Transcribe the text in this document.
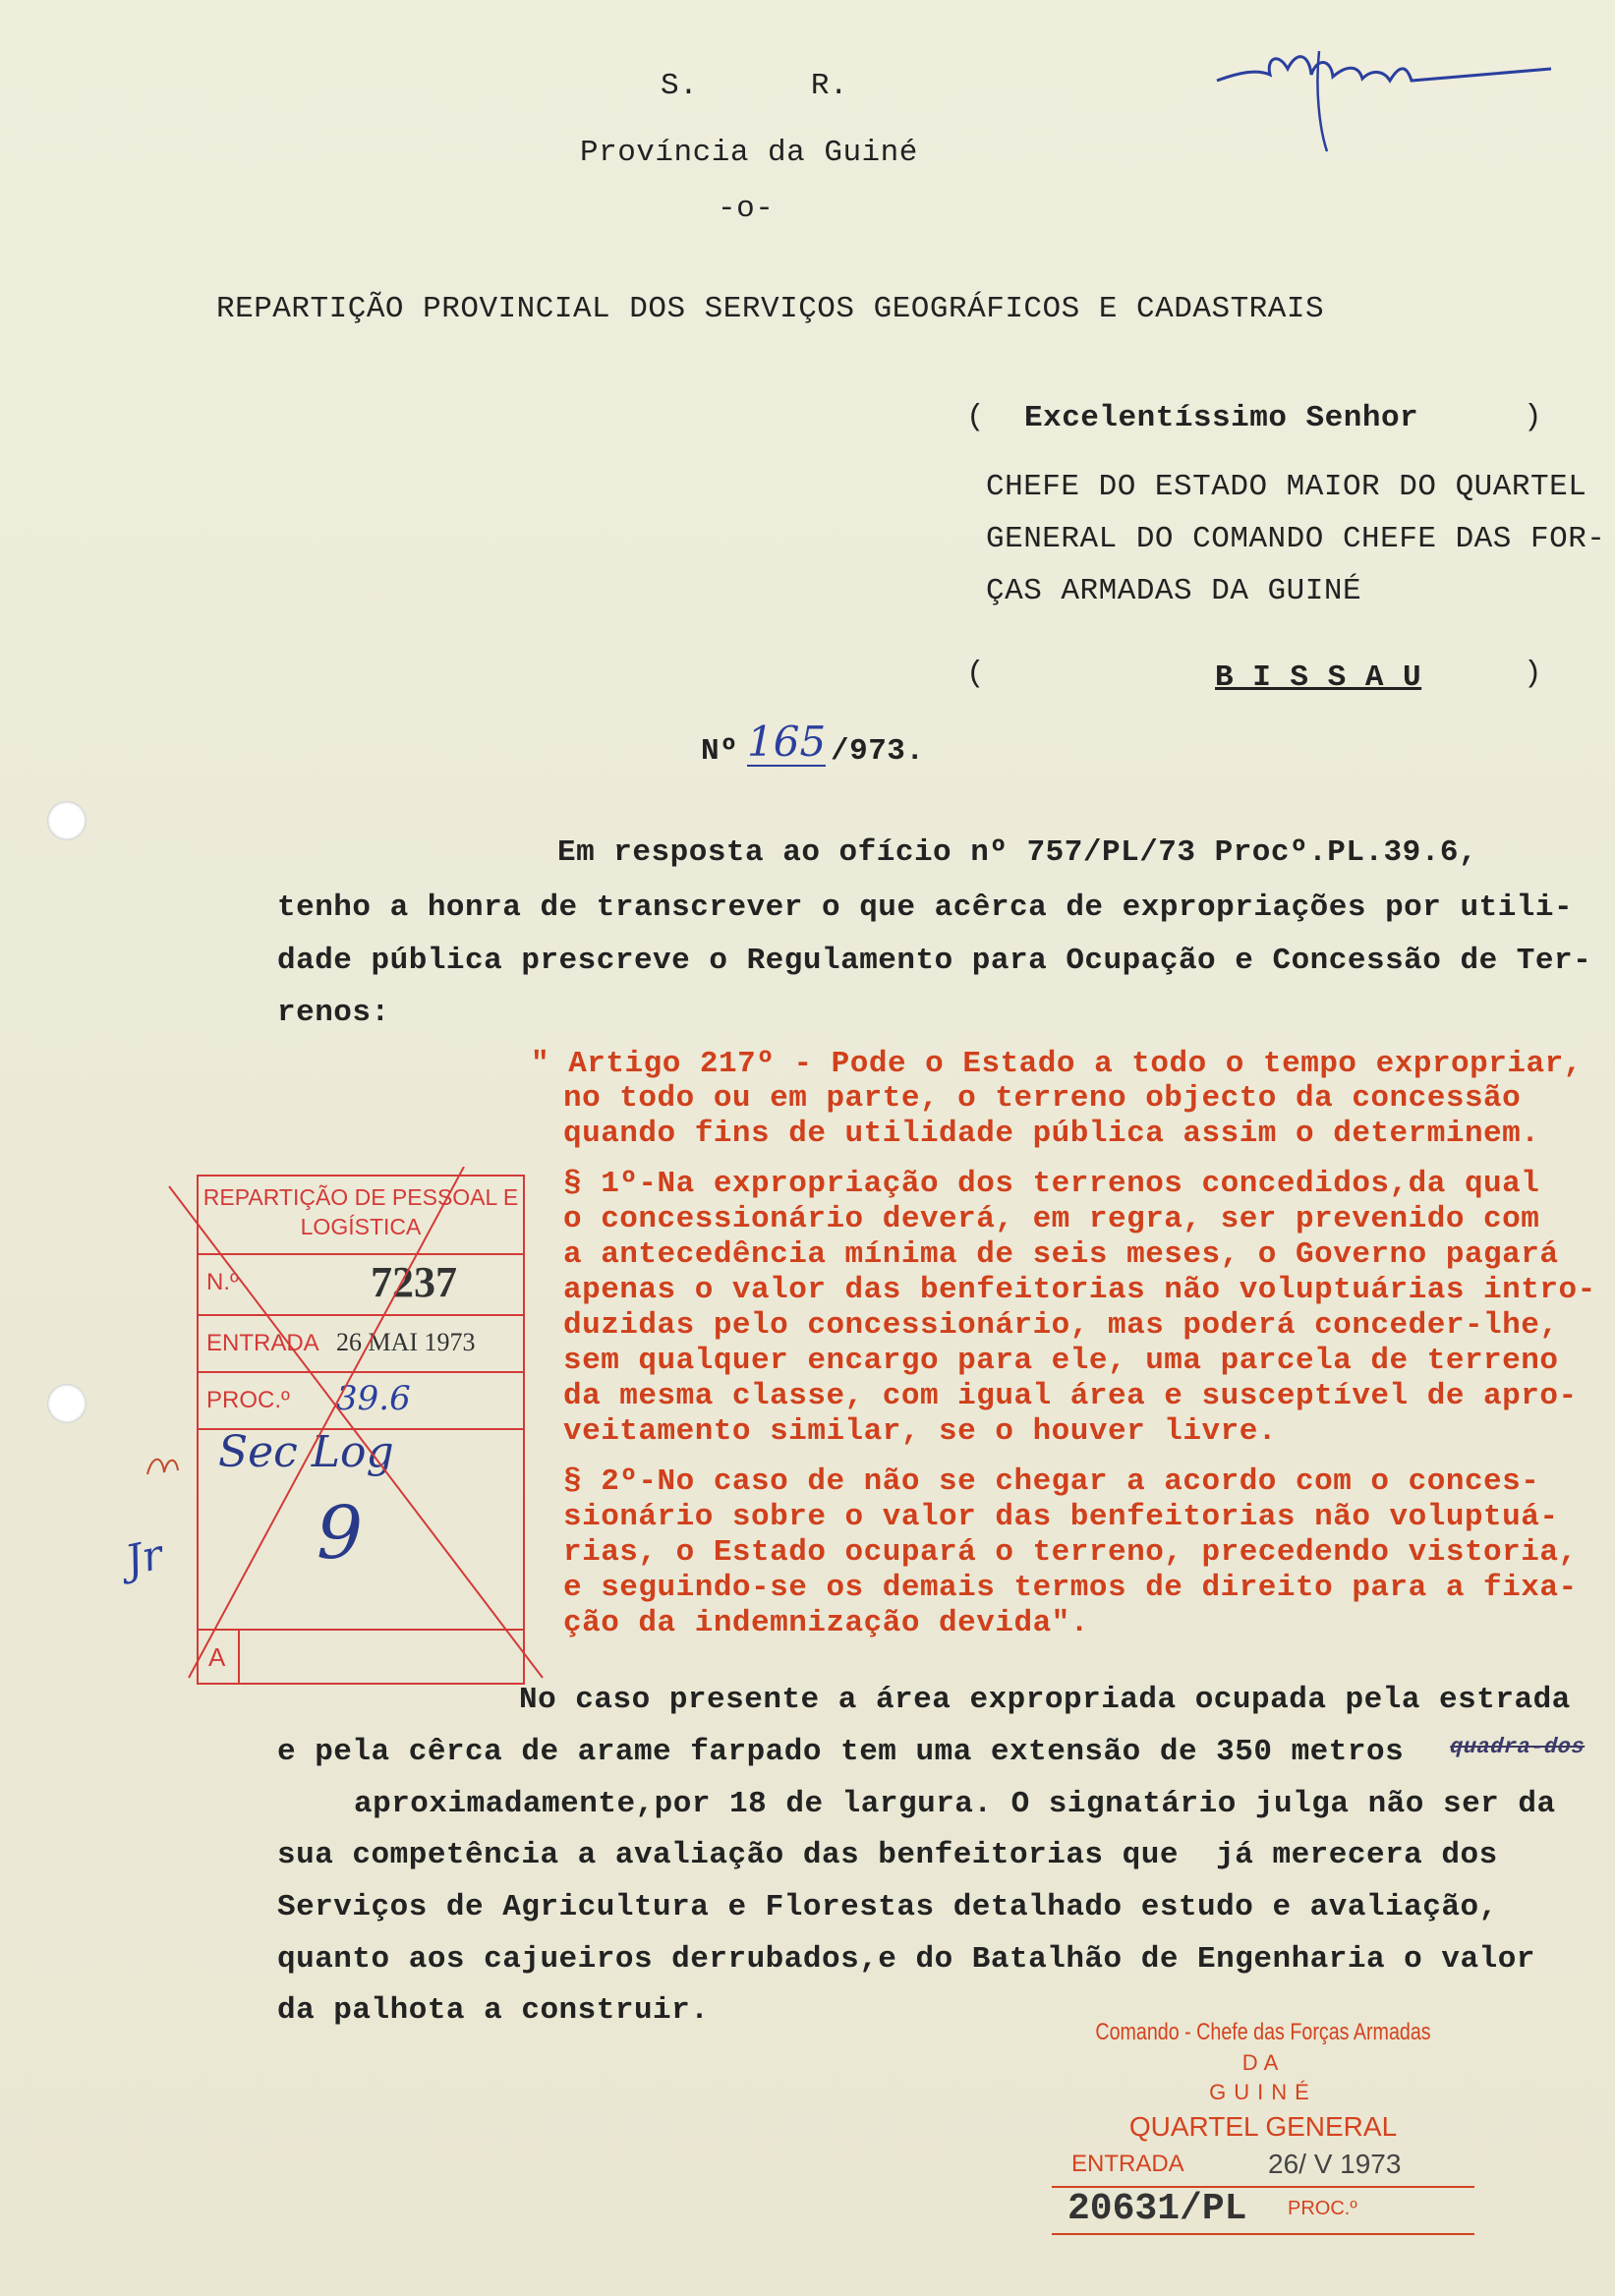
Manuel
S.      R.
Província da Guiné
-o-
REPARTIÇÃO PROVINCIAL DOS SERVIÇOS GEOGRÁFICOS E CADASTRAIS
( Excelentíssimo Senhor	)
CHEFE DO ESTADO MAIOR DO QUARTEL
GENERAL DO COMANDO CHEFE DAS FOR-
ÇAS ARMADAS DA GUINÉ
(	B I S S A U	)
Nº 165 /973.
Em resposta ao ofício nº 757/PL/73 Procº.PL.39.6,
tenho a honra de transcrever o que acêrca de expropriações por utili-
dade pública prescreve o Regulamento para Ocupação e Concessão de Ter-
renos:
" Artigo 217º - Pode o Estado a todo o tempo expropriar,
no todo ou em parte, o terreno objecto da concessão
quando fins de utilidade pública assim o determinem.
§ 1º-Na expropriação dos terrenos concedidos,da qual
o concessionário deverá, em regra, ser prevenido com
a antecedência mínima de seis meses, o Governo pagará
apenas o valor das benfeitorias não voluptuárias intro-
duzidas pelo concessionário, mas poderá conceder-lhe,
sem qualquer encargo para ele, uma parcela de terreno
da mesma classe, com igual área e susceptível de apro-
veitamento similar, se o houver livre.
§ 2º-No caso de não se chegar a acordo com o conces-
sionário sobre o valor das benfeitorias não voluptuá-
rias, o Estado ocupará o terreno, precedendo vistoria,
e seguindo-se os demais termos de direito para a fixa-
ção da indemnização devida".
No caso presente a área expropriada ocupada pela estrada
e pela cêrca de arame farpado tem uma extensão de 350 metros quadra-dos
aproximadamente,por 18 de largura. O signatário julga não ser da
sua competência a avaliação das benfeitorias que  já merecera dos
Serviços de Agricultura e Florestas detalhado estudo e avaliação,
quanto aos cajueiros derrubados,e do Batalhão de Engenharia o valor
da palhota a construir.
REPARTIÇÃO DE PESSOAL E LOGÍSTICA
N.º	7237
ENTRADA 26 MAI 1973
PROC.º 39.6
Sec Log
9
A
Jr
Comando - Chefe das Forças Armadas
DA
GUINÉ
QUARTEL GENERAL
ENTRADA	26/ V 1973
20631/PL PROC.º
